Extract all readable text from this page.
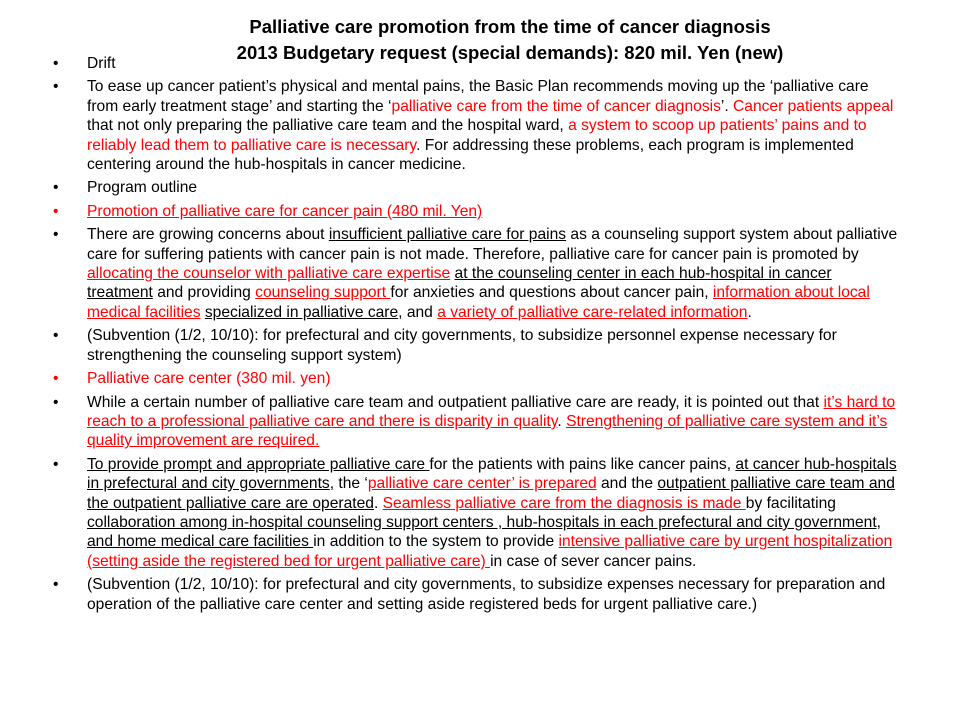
Palliative care promotion from the time of cancer diagnosis
2013 Budgetary request (special demands): 820 mil. Yen (new)
• Drift
• To ease up cancer patient’s physical and mental pains, the Basic Plan recommends moving up the ‘palliative care from early treatment stage’ and starting the ‘palliative care from the time of cancer diagnosis’. Cancer patients appeal that not only preparing the palliative care team and the hospital ward, a system to scoop up patients’ pains and to reliably lead them to palliative care is necessary. For addressing these problems, each program is implemented centering around the hub-hospitals in cancer medicine.
• Program outline
• Promotion of palliative care for cancer pain (480 mil. Yen)
• There are growing concerns about insufficient palliative care for pains as a counseling support system about palliative care for suffering patients with cancer pain is not made. Therefore, palliative care for cancer pain is promoted by allocating the counselor with palliative care expertise at the counseling center in each hub-hospital in cancer treatment and providing counseling support for anxieties and questions about cancer pain, information about local medical facilities specialized in palliative care, and a variety of palliative care-related information.
• (Subvention (1/2, 10/10): for prefectural and city governments, to subsidize personnel expense necessary for strengthening the counseling support system)
• Palliative care center (380 mil. yen)
• While a certain number of palliative care team and outpatient palliative care are ready, it is pointed out that it’s hard to reach to a professional palliative care and there is disparity in quality. Strengthening of palliative care system and it’s quality improvement are required.
• To provide prompt and appropriate palliative care for the patients with pains like cancer pains, at cancer hub-hospitals in prefectural and city governments, the ‘palliative care center’ is prepared and the outpatient palliative care team and the outpatient palliative care are operated. Seamless palliative care from the diagnosis is made by facilitating collaboration among in-hospital counseling support centers , hub-hospitals in each prefectural and city government, and home medical care facilities in addition to the system to provide intensive palliative care by urgent hospitalization (setting aside the registered bed for urgent palliative care) in case of sever cancer pains.
• (Subvention (1/2, 10/10): for prefectural and city governments, to subsidize expenses necessary for preparation and operation of the palliative care center and setting aside registered beds for urgent palliative care.)
